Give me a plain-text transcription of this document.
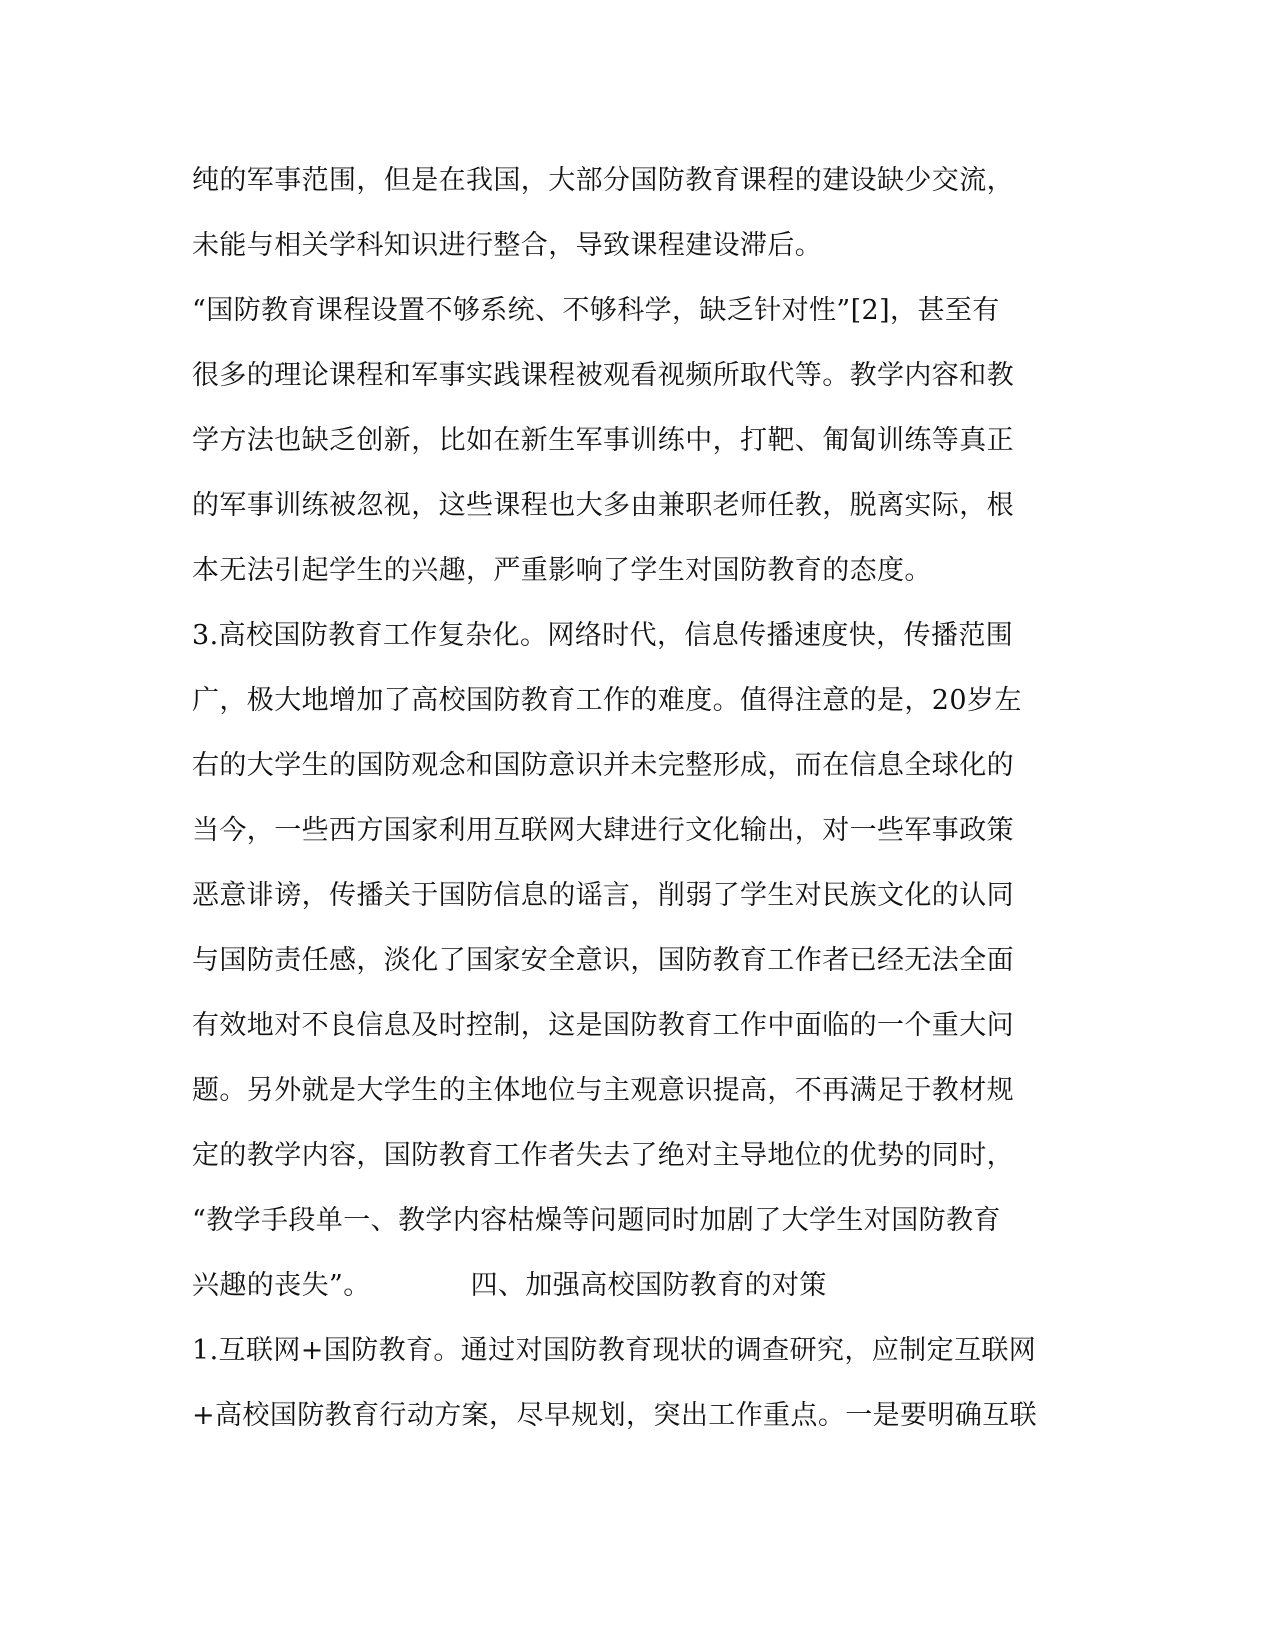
纯的军事范围，但是在我国，大部分国防教育课程的建设缺少交流，
未能与相关学科知识进行整合，导致课程建设滞后。
“国防教育课程设置不够系统、不够科学，缺乏针对性”[2]，甚至有
很多的理论课程和军事实践课程被观看视频所取代等。教学内容和教
学方法也缺乏创新，比如在新生军事训练中，打靶、匍匐训练等真正
的军事训练被忽视，这些课程也大多由兼职老师任教，脱离实际，根
本无法引起学生的兴趣，严重影响了学生对国防教育的态度。
3.高校国防教育工作复杂化。网络时代，信息传播速度快，传播范围
广，极大地增加了高校国防教育工作的难度。值得注意的是，20岁左
右的大学生的国防观念和国防意识并未完整形成，而在信息全球化的
当今，一些西方国家利用互联网大肆进行文化输出，对一些军事政策
恶意诽谤，传播关于国防信息的谣言，削弱了学生对民族文化的认同
与国防责任感，淡化了国家安全意识，国防教育工作者已经无法全面
有效地对不良信息及时控制，这是国防教育工作中面临的一个重大问
题。另外就是大学生的主体地位与主观意识提高，不再满足于教材规
定的教学内容，国防教育工作者失去了绝对主导地位的优势的同时，
“教学手段单一、教学内容枯燥等问题同时加剧了大学生对国防教育
兴趣的丧失”。	四、加强高校国防教育的对策
1.互联网+国防教育。通过对国防教育现状的调查研究，应制定互联网
+高校国防教育行动方案，尽早规划，突出工作重点。一是要明确互联
